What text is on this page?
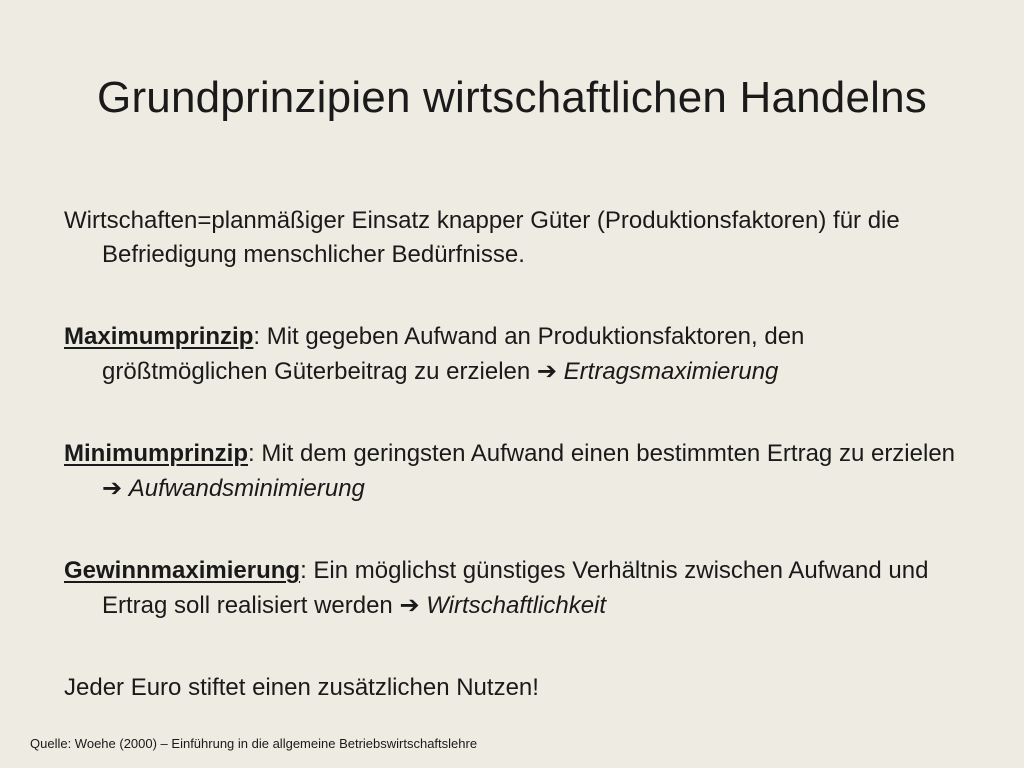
Grundprinzipien wirtschaftlichen Handelns

Wirtschaften=planmäßiger Einsatz knapper Güter (Produktionsfaktoren) für die Befriedigung menschlicher Bedürfnisse.

Maximumprinzip: Mit gegeben Aufwand an Produktionsfaktoren, den größtmöglichen Güterbeitrag zu erzielen ➔ Ertragsmaximierung

Minimumprinzip: Mit dem geringsten Aufwand einen bestimmten Ertrag zu erzielen ➔ Aufwandsminimierung

Gewinnmaximierung: Ein möglichst günstiges Verhältnis zwischen Aufwand und Ertrag soll realisiert werden ➔ Wirtschaftlichkeit

Jeder Euro stiftet einen zusätzlichen Nutzen!

Quelle: Woehe (2000) – Einführung in die allgemeine Betriebswirtschaftslehre
